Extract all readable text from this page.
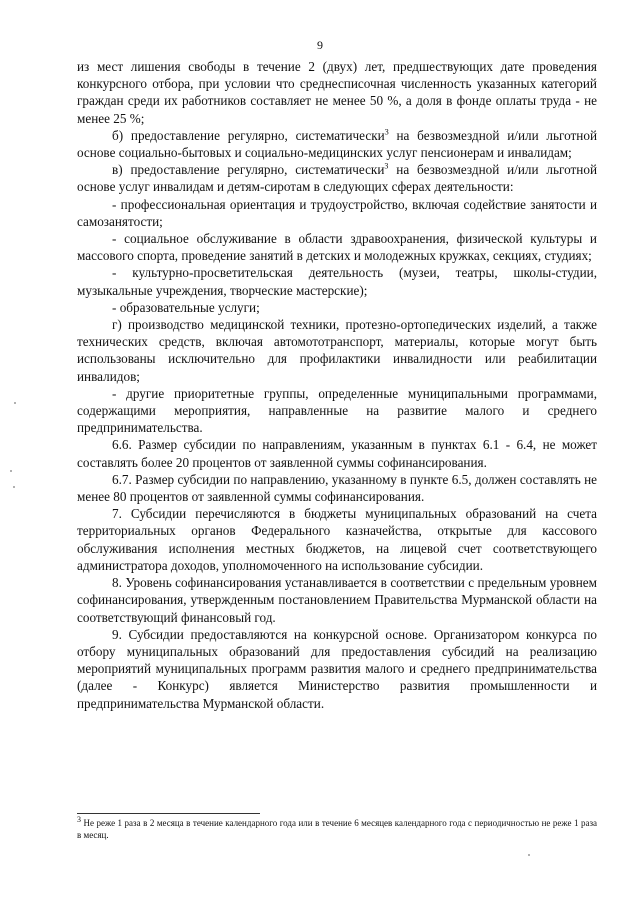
9

из мест лишения свободы в течение 2 (двух) лет, предшествующих дате проведения конкурсного отбора, при условии что среднесписочная численность указанных категорий граждан среди их работников составляет не менее 50 %, а доля в фонде оплаты труда - не менее 25 %;

б) предоставление регулярно, систематически$^3$ на безвозмездной и/или льготной основе социально-бытовых и социально-медицинских услуг пенсионерам и инвалидам;

в) предоставление регулярно, систематически$^3$ на безвозмездной и/или льготной основе услуг инвалидам и детям-сиротам в следующих сферах деятельности:

- профессиональная ориентация и трудоустройство, включая содействие занятости и самозанятости;

- социальное обслуживание в области здравоохранения, физической культуры и массового спорта, проведение занятий в детских и молодежных кружках, секциях, студиях;

- культурно-просветительская деятельность (музеи, театры, школы-студии, музыкальные учреждения, творческие мастерские);

- образовательные услуги;

г) производство медицинской техники, протезно-ортопедических изделий, а также технических средств, включая автомототранспорт, материалы, которые могут быть использованы исключительно для профилактики инвалидности или реабилитации инвалидов;

- другие приоритетные группы, определенные муниципальными программами, содержащими мероприятия, направленные на развитие малого и среднего предпринимательства.

6.6. Размер субсидии по направлениям, указанным в пунктах 6.1 - 6.4, не может составлять более 20 процентов от заявленной суммы софинансирования.

6.7. Размер субсидии по направлению, указанному в пункте 6.5, должен составлять не менее 80 процентов от заявленной суммы софинансирования.

7. Субсидии перечисляются в бюджеты муниципальных образований на счета территориальных органов Федерального казначейства, открытые для кассового обслуживания исполнения местных бюджетов, на лицевой счет соответствующего администратора доходов, уполномоченного на использование субсидии.

8. Уровень софинансирования устанавливается в соответствии с предельным уровнем софинансирования, утвержденным постановлением Правительства Мурманской области на соответствующий финансовый год.

9. Субсидии предоставляются на конкурсной основе. Организатором конкурса по отбору муниципальных образований для предоставления субсидий на реализацию мероприятий муниципальных программ развития малого и среднего предпринимательства (далее - Конкурс) является Министерство развития промышленности и предпринимательства Мурманской области.

$^3$ Не реже 1 раза в 2 месяца в течение календарного года или в течение 6 месяцев календарного года с периодичностью не реже 1 раза в месяц.
